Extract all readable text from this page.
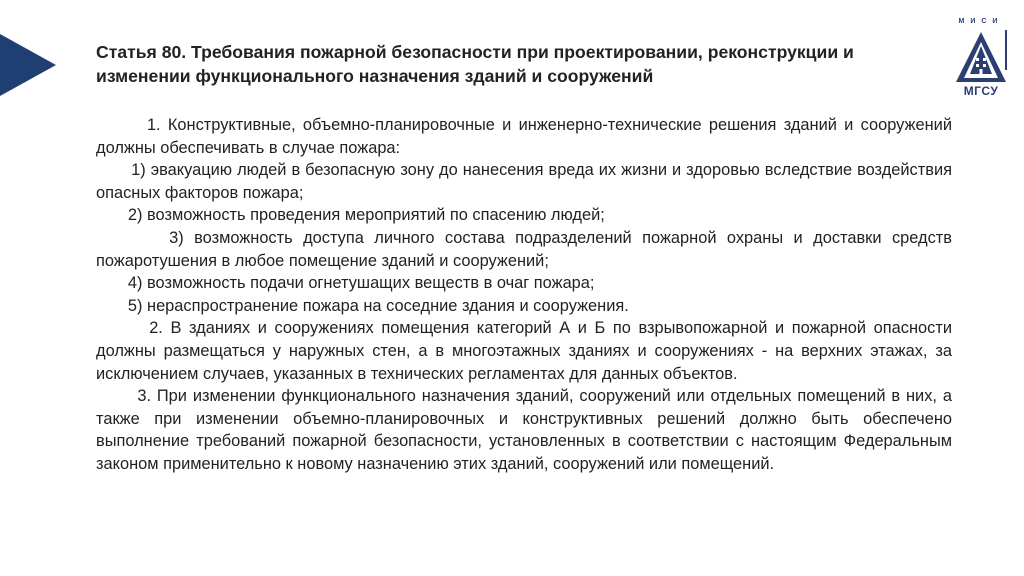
МИСИ
МГСУ
Статья 80. Требования пожарной безопасности при проектировании, реконструкции и изменении функционального назначения зданий и сооружений

1. Конструктивные, объемно-планировочные и инженерно-технические решения зданий и сооружений должны обеспечивать в случае пожара:

1) эвакуацию людей в безопасную зону до нанесения вреда их жизни и здоровью вследствие воздействия опасных факторов пожара;

2) возможность проведения мероприятий по спасению людей;

3) возможность доступа личного состава подразделений пожарной охраны и доставки средств пожаротушения в любое помещение зданий и сооружений;

4) возможность подачи огнетушащих веществ в очаг пожара;

5) нераспространение пожара на соседние здания и сооружения.

2. В зданиях и сооружениях помещения категорий А и Б по взрывопожарной и пожарной опасности должны размещаться у наружных стен, а в многоэтажных зданиях и сооружениях - на верхних этажах, за исключением случаев, указанных в технических регламентах для данных объектов.

3. При изменении функционального назначения зданий, сооружений или отдельных помещений в них, а также при изменении объемно-планировочных и конструктивных решений должно быть обеспечено выполнение требований пожарной безопасности, установленных в соответствии с настоящим Федеральным законом применительно к новому назначению этих зданий, сооружений или помещений.
